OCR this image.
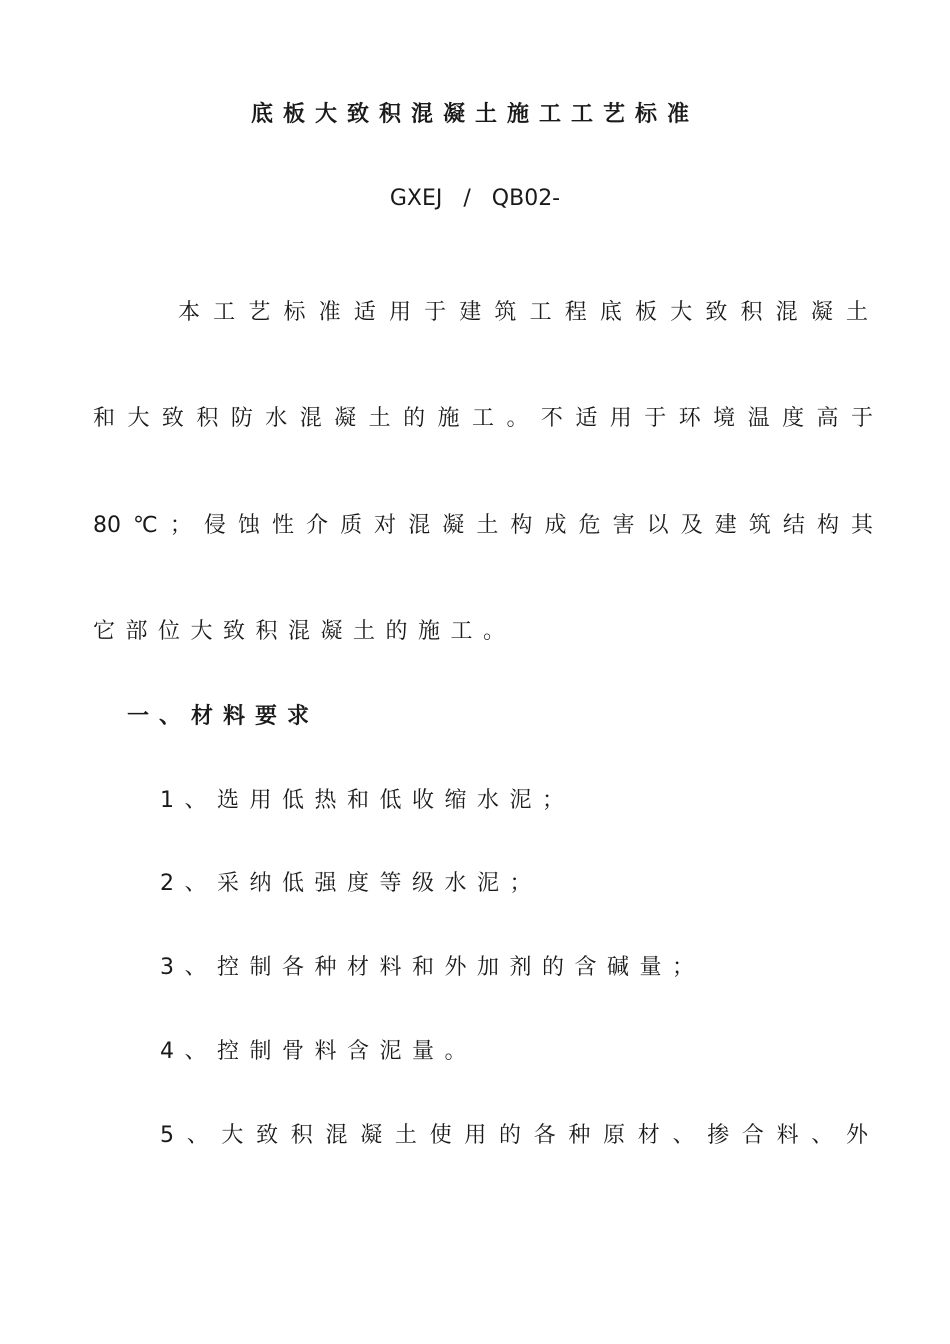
底板大致积混凝土施工工艺标准
GXEJ / QB02-
本工艺标准适用于建筑工程底板大致积混凝土
和大致积防水混凝土的施工。不适用于环境温度高于
80℃；侵蚀性介质对混凝土构成危害以及建筑结构其
它部位大致积混凝土的施工。
一、材料要求
1、选用低热和低收缩水泥；
2、采纳低强度等级水泥；
3、控制各种材料和外加剂的含碱量；
4、控制骨料含泥量。
5、大致积混凝土使用的各种原材、掺合料、外
